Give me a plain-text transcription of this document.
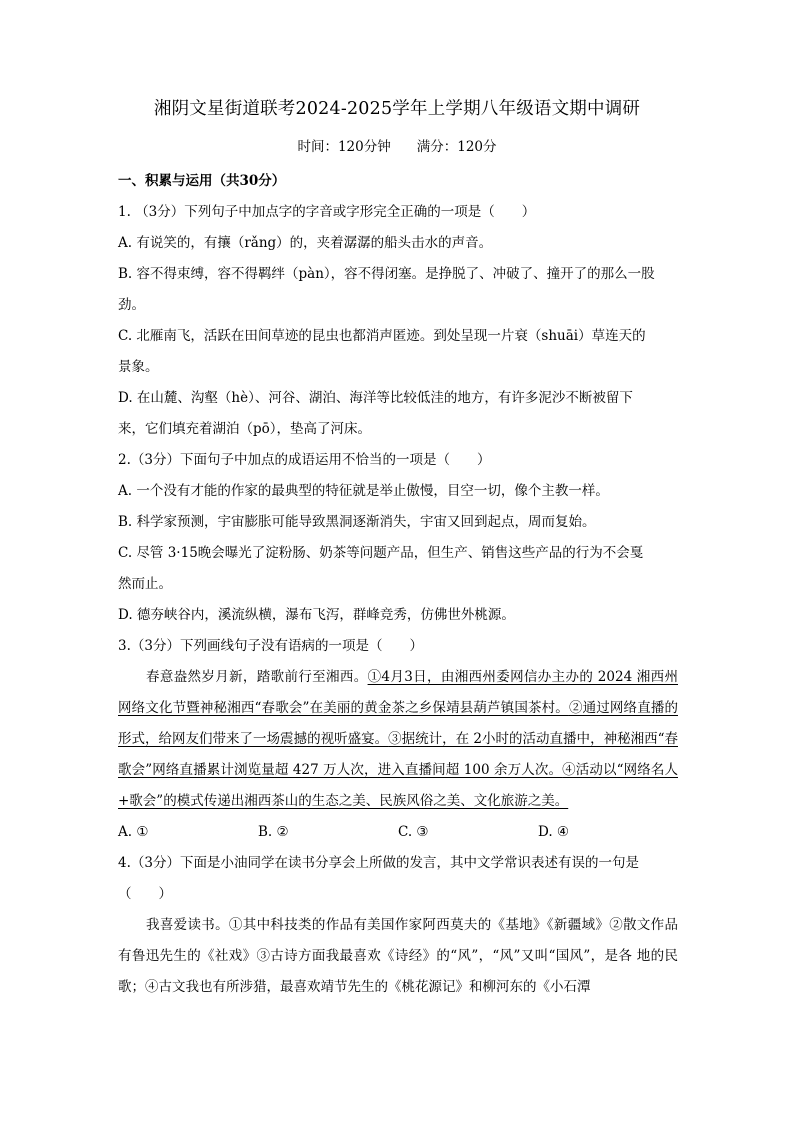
湘阴文星街道联考2024-2025学年上学期八年级语文期中调研
时间：120分钟 满分：120分
一、积累与运用（共30分）
1. （3分）下列句子中加点字的字音或字形完全正确的一项是（　　）
A. 有说笑的，有攘（rǎng）的，夹着潺潺的船头击水的声音。
B. 容不得束缚，容不得羁绊（pàn），容不得闭塞。是挣脱了、冲破了、撞开了的那么一股
劲。
C. 北雁南飞，活跃在田间草迹的昆虫也都消声匿迹。到处呈现一片衰（shuāi）草连天的
景象。
D. 在山麓、沟壑（hè）、河谷、湖泊、海洋等比较低洼的地方，有许多泥沙不断被留下
来，它们填充着湖泊（pō），垫高了河床。
2.（3分）下面句子中加点的成语运用不恰当的一项是（　　）
A. 一个没有才能的作家的最典型的特征就是举止傲慢，目空一切，像个主教一样。
B. 科学家预测，宇宙膨胀可能导致黑洞逐渐消失，宇宙又回到起点，周而复始。
C. 尽管 3·15晚会曝光了淀粉肠、奶茶等问题产品，但生产、销售这些产品的行为不会戛
然而止。
D. 德夯峡谷内，溪流纵横，瀑布飞泻，群峰竞秀，仿佛世外桃源。
3.（3分）下列画线句子没有语病的一项是（　　）
春意盎然岁月新，踏歌前行至湘西。①4月3日，由湘西州委网信办主办的 2024 湘西州网络文化节暨神秘湘西“春歌会”在美丽的黄金茶之乡保靖县葫芦镇国茶村。②通过网络直播的形式，给网友们带来了一场震撼的视听盛宴。③据统计，在 2小时的活动直播中，神秘湘西“春歌会”网络直播累计浏览量超 427 万人次，进入直播间超 100 余万人次。④活动以“网络名人+歌会”的模式传递出湘西茶山的生态之美、民族风俗之美、文化旅游之美。
A. ①	B. ②	C. ③	D. ④
4.（3分）下面是小油同学在读书分享会上所做的发言，其中文学常识表述有误的一句是
（　　）
我喜爱读书。①其中科技类的作品有美国作家阿西莫夫的《基地》《新疆域》②散文作品有鲁迅先生的《社戏》③古诗方面我最喜欢《诗经》的“风”，“风”又叫“国风”，是各 地的民歌；④古文我也有所涉猎，最喜欢靖节先生的《桃花源记》和柳河东的《小石潭
